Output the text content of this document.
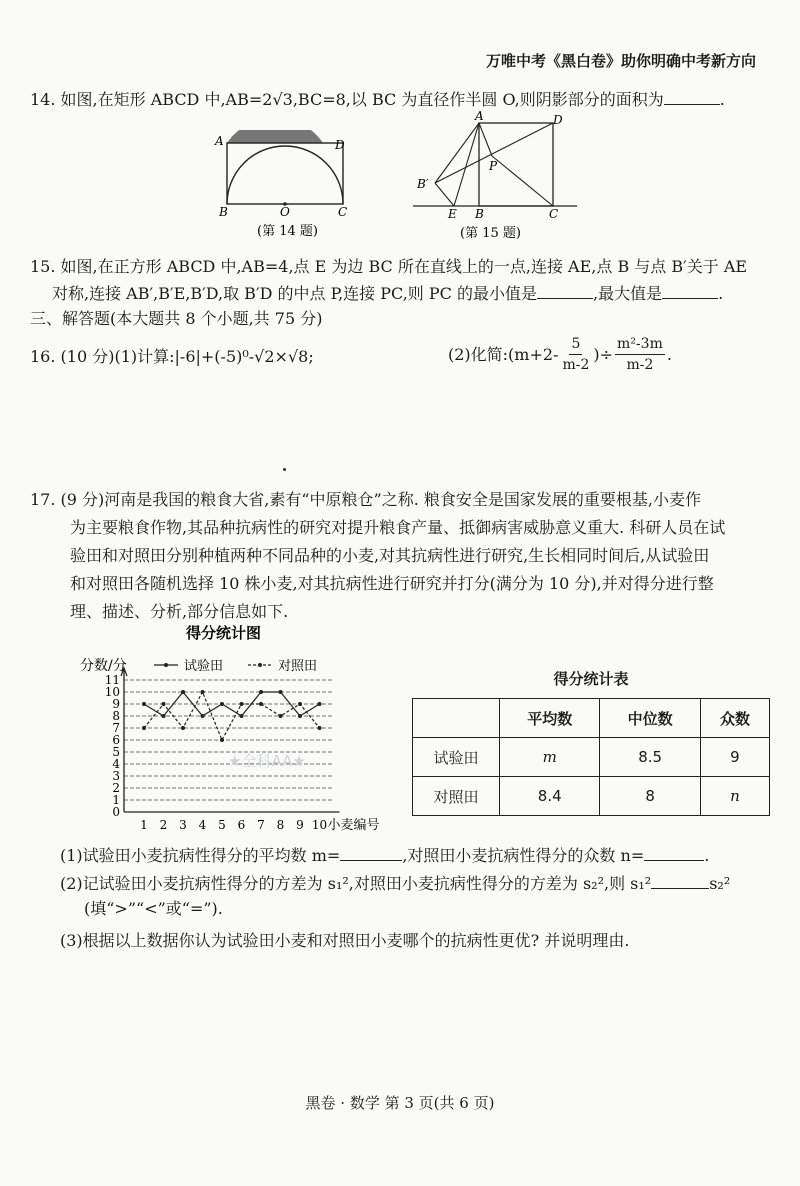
万唯中考《黑白卷》助你明确中考新方向
14. 如图,在矩形 ABCD 中,AB=2√3,BC=8,以 BC 为直径作半圆 O,则阴影部分的面积为	.
A	D
B	O	C
(第 14 题)
A	D
P
B′
E B	C
(第 15 题)
15. 如图,在正方形 ABCD 中,AB=4,点 E 为边 BC 所在直线上的一点,连接 AE,点 B 与点 B′关于 AE
对称,连接 AB′,B′E,B′D,取 B′D 的中点 P,连接 PC,则 PC 的最小值是	,最大值是	.
三、解答题(本大题共 8 个小题,共 75 分)
16. (10 分)(1)计算:|-6|+(-5)⁰-√2×√8;	(2)化简:(m+2- $\frac{5}{m-2}$ )÷ $\frac{\text{m²-3m}}{m-2}$ .
17. (9 分)河南是我国的粮食大省,素有“中原粮仓”之称. 粮食安全是国家发展的重要根基,小麦作
为主要粮食作物,其品种抗病性的研究对提升粮食产量、抵御病害威胁意义重大. 科研人员在试
验田和对照田分别种植两种不同品种的小麦,对其抗病性进行研究,生长相同时间后,从试验田
和对照田各随机选择 10 株小麦,对其抗病性进行研究并打分(满分为 10 分),并对得分进行整
理、描述、分析,部分信息如下.
得分统计图
分数/分	试验田	对照田
0
1
2
3
4
5
6
7
8
9
10
11
1 2 3 4 5 6 7 8 9 10 小麦编号
★全科AA★
得分统计表
	平均数	中位数	众数
试验田	m	8.5	9
对照田	8.4	8	n
(1)试验田小麦抗病性得分的平均数 m=	,对照田小麦抗病性得分的众数 n=	.
(2)记试验田小麦抗病性得分的方差为 s₁²,对照田小麦抗病性得分的方差为 s₂²,则 s₁²	s₂²
(填“>”“<”或“=”).
(3)根据以上数据你认为试验田小麦和对照田小麦哪个的抗病性更优? 并说明理由.
黑卷 · 数学 第 3 页(共 6 页)
